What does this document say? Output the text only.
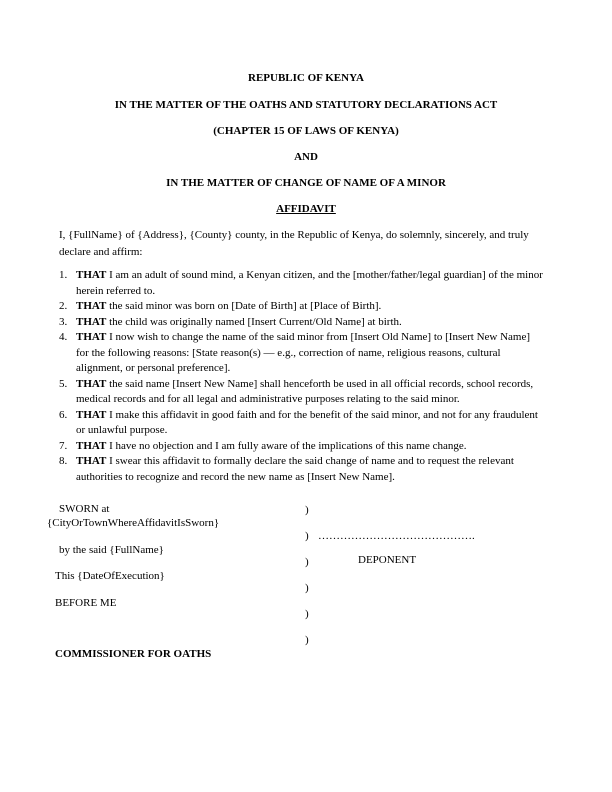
REPUBLIC OF KENYA
IN THE MATTER OF THE OATHS AND STATUTORY DECLARATIONS ACT
(CHAPTER 15 OF LAWS OF KENYA)
AND
IN THE MATTER OF CHANGE OF NAME OF A MINOR
AFFIDAVIT
I, {FullName} of {Address}, {County} county, in the Republic of Kenya, do solemnly, sincerely, and truly declare and affirm:
1. THAT I am an adult of sound mind, a Kenyan citizen, and the [mother/father/legal guardian] of the minor herein referred to.
2. THAT the said minor was born on [Date of Birth] at [Place of Birth].
3. THAT the child was originally named [Insert Current/Old Name] at birth.
4. THAT I now wish to change the name of the said minor from [Insert Old Name] to [Insert New Name] for the following reasons: [State reason(s) — e.g., correction of name, religious reasons, cultural alignment, or personal preference].
5. THAT the said name [Insert New Name] shall henceforth be used in all official records, school records, medical records and for all legal and administrative purposes relating to the said minor.
6. THAT I make this affidavit in good faith and for the benefit of the said minor, and not for any fraudulent or unlawful purpose.
7. THAT I have no objection and I am fully aware of the implications of this name change.
8. THAT I swear this affidavit to formally declare the said change of name and to request the relevant authorities to recognize and record the new name as [Insert New Name].
SWORN at
{CityOrTownWhereAffidavitIsSworn}
by the said {FullName}
This {DateOfExecution}
BEFORE ME
COMMISSIONER FOR OATHS
)
)
)
)
)
)
…………………………………….
DEPONENT
